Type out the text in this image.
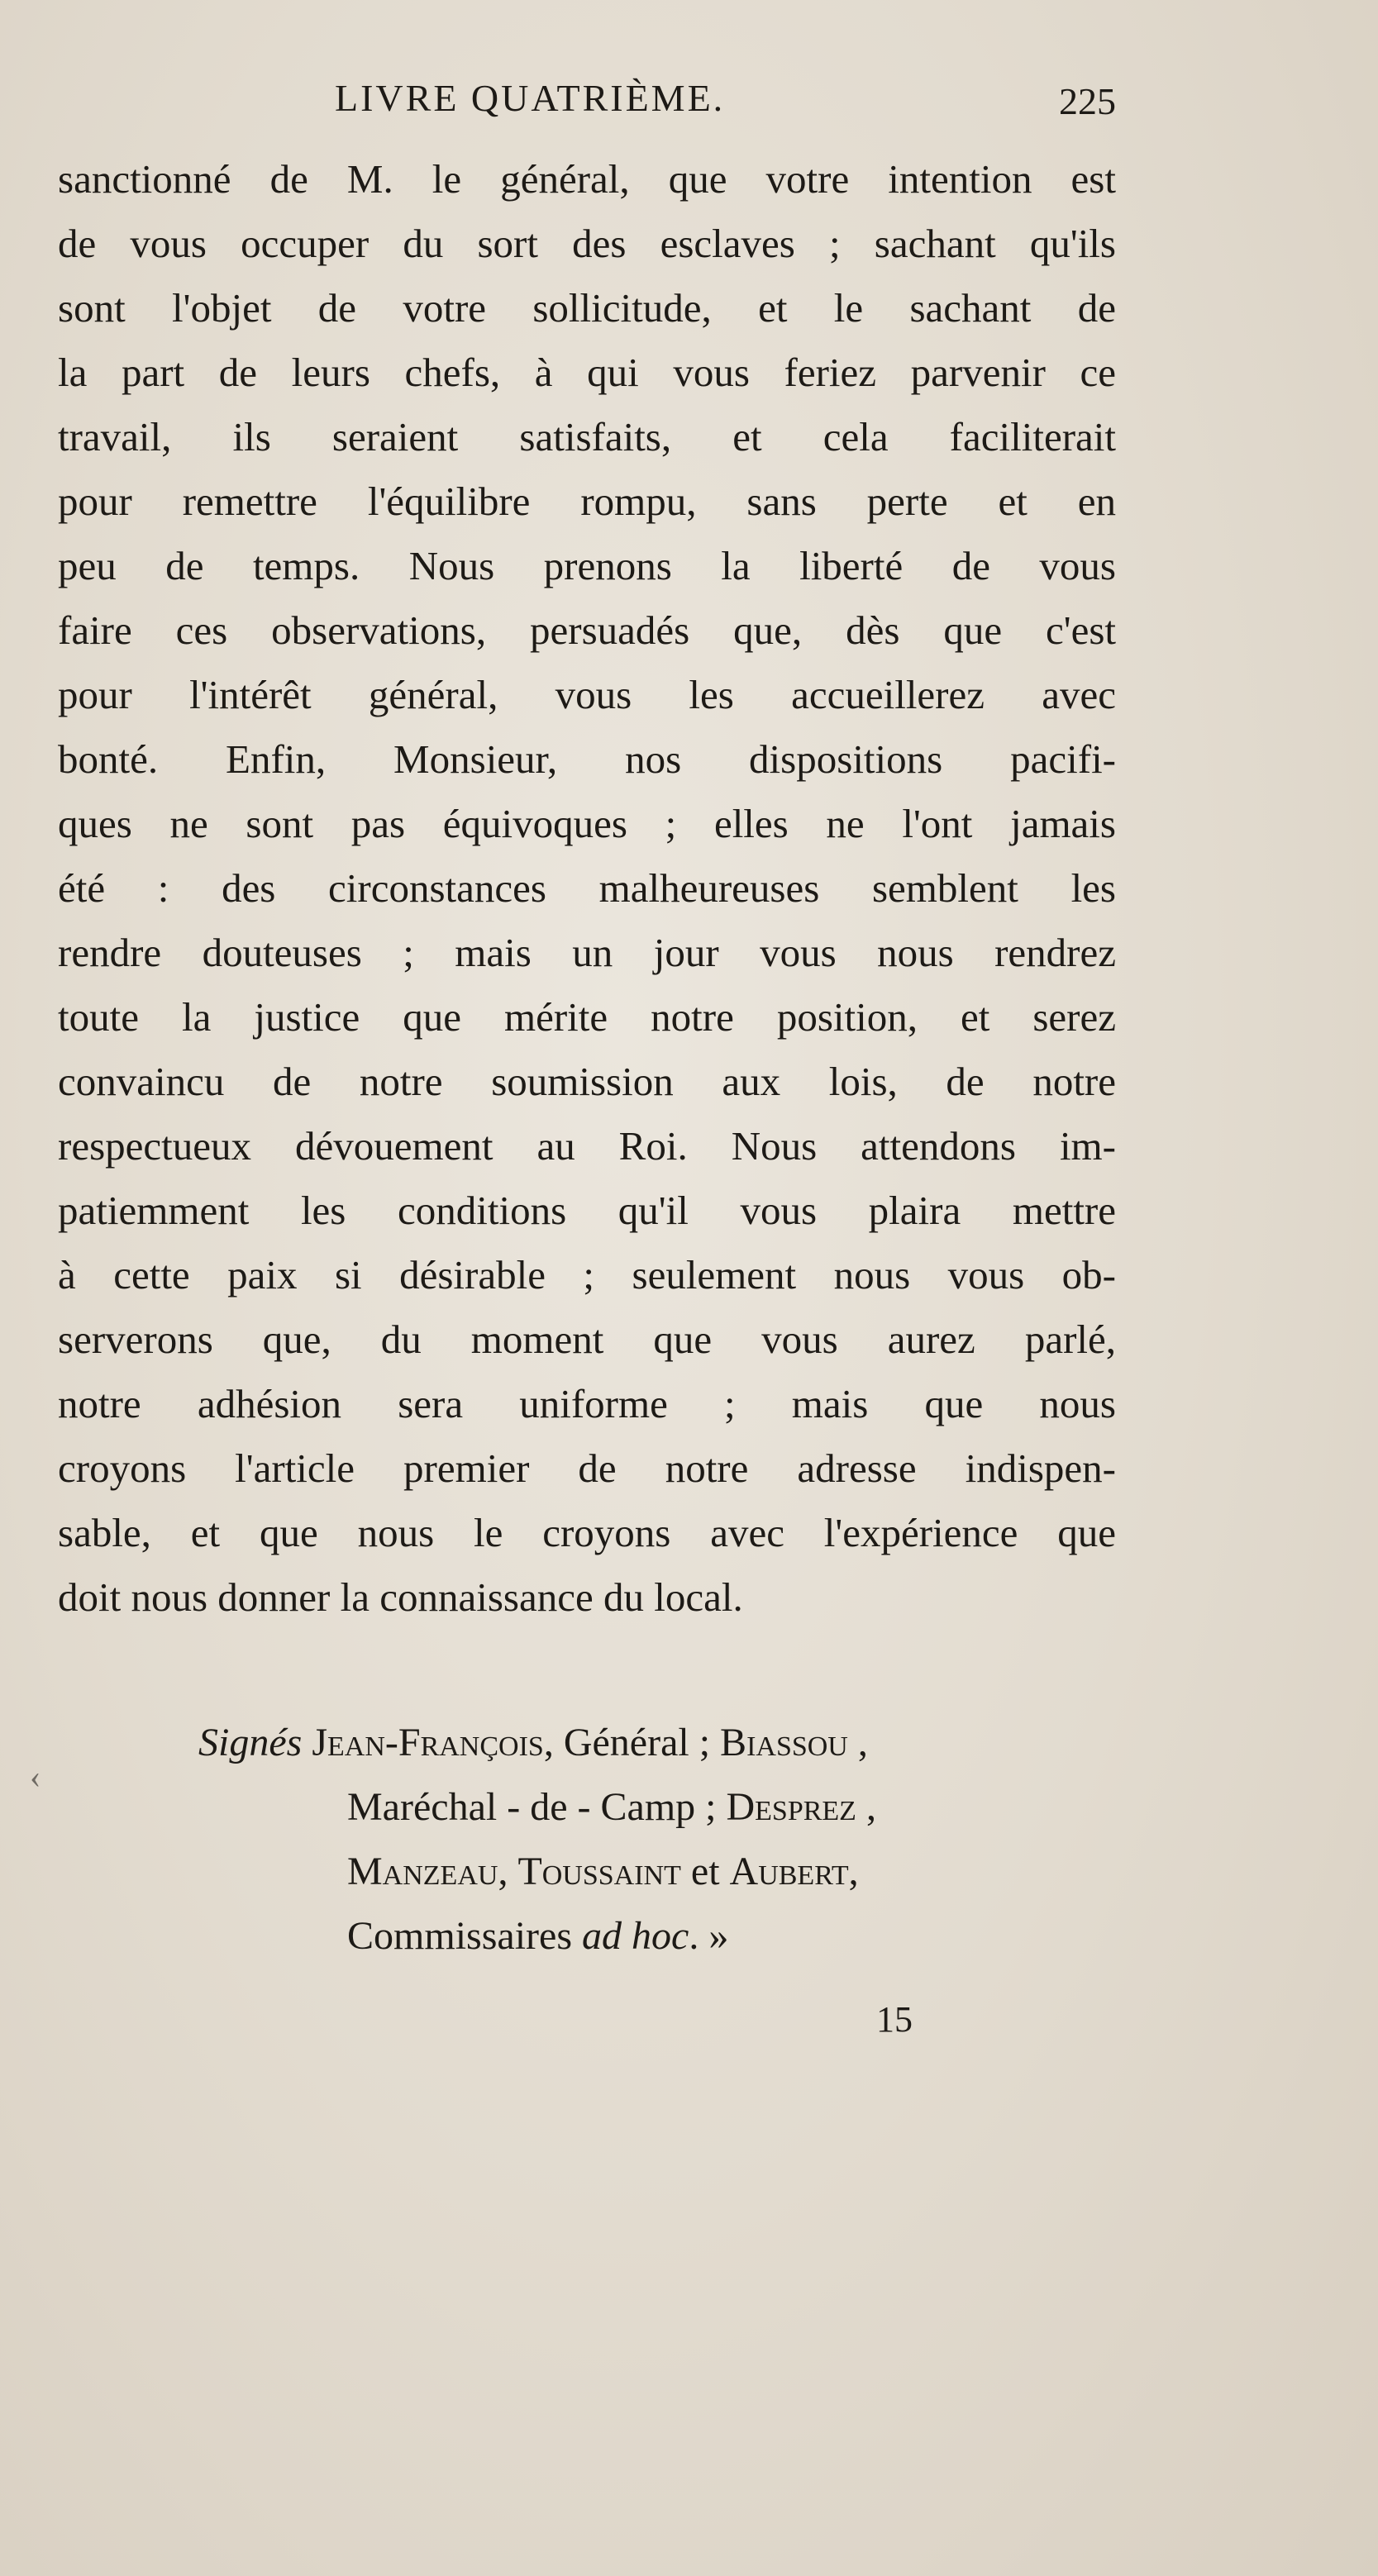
LIVRE QUATRIÈME.	225
sanctionné de M. le général, que votre intention est
de vous occuper du sort des esclaves ; sachant qu'ils
sont l'objet de votre sollicitude, et le sachant de
la part de leurs chefs, à qui vous feriez parvenir ce
travail, ils seraient satisfaits, et cela faciliterait
pour remettre l'équilibre rompu, sans perte et en
peu de temps. Nous prenons la liberté de vous
faire ces observations, persuadés que, dès que c'est
pour l'intérêt général, vous les accueillerez avec
bonté. Enfin, Monsieur, nos dispositions pacifi-
ques ne sont pas équivoques ; elles ne l'ont jamais
été : des circonstances malheureuses semblent les
rendre douteuses ; mais un jour vous nous rendrez
toute la justice que mérite notre position, et serez
convaincu de notre soumission aux lois, de notre
respectueux dévouement au Roi. Nous attendons im-
patiemment les conditions qu'il vous plaira mettre
à cette paix si désirable ; seulement nous vous ob-
serverons que, du moment que vous aurez parlé,
notre adhésion sera uniforme ; mais que nous
croyons l'article premier de notre adresse indispen-
sable, et que nous le croyons avec l'expérience que
doit nous donner la connaissance du local.
‹
Signés Jean-François, Général ; Biassou ,
Maréchal - de - Camp ; Desprez ,
Manzeau, Toussaint et Aubert,
Commissaires ad hoc. »
15
